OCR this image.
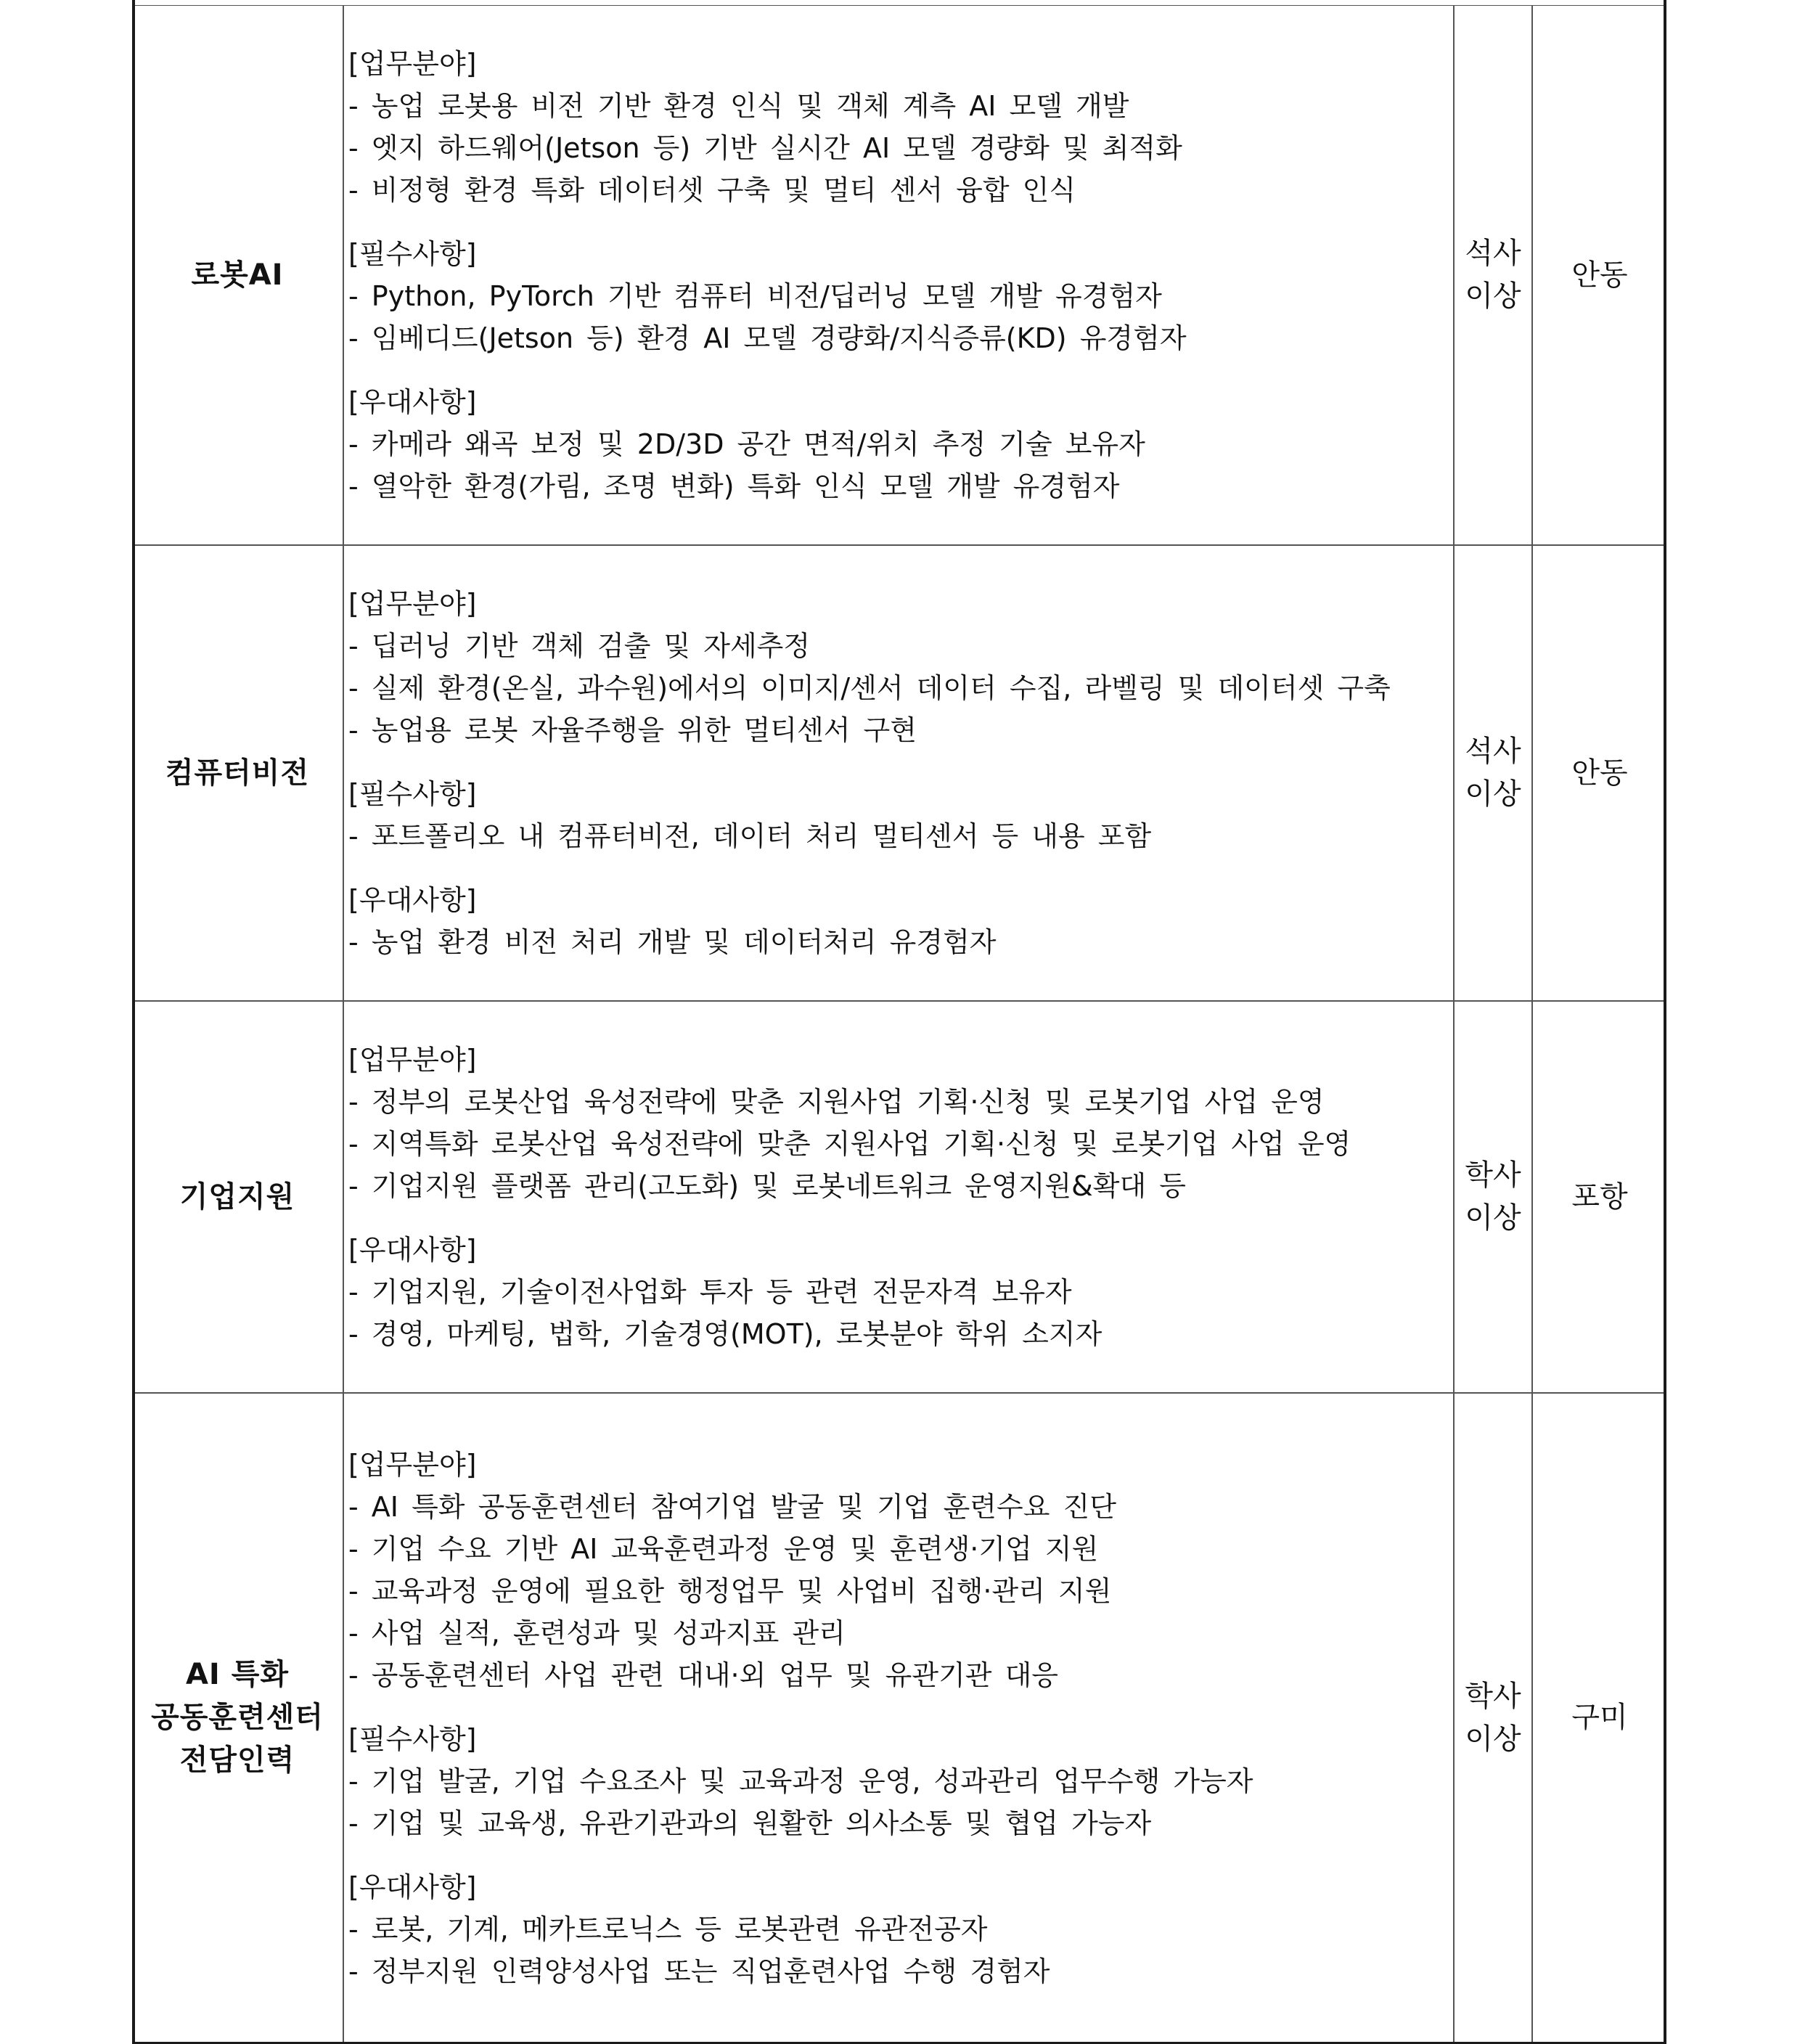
로봇AI
[업무분야]
- 농업 로봇용 비전 기반 환경 인식 및 객체 계측 AI 모델 개발
- 엣지 하드웨어(Jetson 등) 기반 실시간 AI 모델 경량화 및 최적화
- 비정형 환경 특화 데이터셋 구축 및 멀티 센서 융합 인식
[필수사항]
- Python, PyTorch 기반 컴퓨터 비전/딥러닝 모델 개발 유경험자
- 임베디드(Jetson 등) 환경 AI 모델 경량화/지식증류(KD) 유경험자
[우대사항]
- 카메라 왜곡 보정 및 2D/3D 공간 면적/위치 추정 기술 보유자
- 열악한 환경(가림, 조명 변화) 특화 인식 모델 개발 유경험자
석사
이상
안동
컴퓨터비전
[업무분야]
- 딥러닝 기반 객체 검출 및 자세추정
- 실제 환경(온실, 과수원)에서의 이미지/센서 데이터 수집, 라벨링 및 데이터셋 구축
- 농업용 로봇 자율주행을 위한 멀티센서 구현
[필수사항]
- 포트폴리오 내 컴퓨터비전, 데이터 처리 멀티센서 등 내용 포함
[우대사항]
- 농업 환경 비전 처리 개발 및 데이터처리 유경험자
석사
이상
안동
기업지원
[업무분야]
- 정부의 로봇산업 육성전략에 맞춘 지원사업 기획·신청 및 로봇기업 사업 운영
- 지역특화 로봇산업 육성전략에 맞춘 지원사업 기획·신청 및 로봇기업 사업 운영
- 기업지원 플랫폼 관리(고도화) 및 로봇네트워크 운영지원&확대 등
[우대사항]
- 기업지원, 기술이전사업화 투자 등 관련 전문자격 보유자
- 경영, 마케팅, 법학, 기술경영(MOT), 로봇분야 학위 소지자
학사
이상
포항
AI 특화
공동훈련센터
전담인력
[업무분야]
- AI 특화 공동훈련센터 참여기업 발굴 및 기업 훈련수요 진단
- 기업 수요 기반 AI 교육훈련과정 운영 및 훈련생·기업 지원
- 교육과정 운영에 필요한 행정업무 및 사업비 집행·관리 지원
- 사업 실적, 훈련성과 및 성과지표 관리
- 공동훈련센터 사업 관련 대내·외 업무 및 유관기관 대응
[필수사항]
- 기업 발굴, 기업 수요조사 및 교육과정 운영, 성과관리 업무수행 가능자
- 기업 및 교육생, 유관기관과의 원활한 의사소통 및 협업 가능자
[우대사항]
- 로봇, 기계, 메카트로닉스 등 로봇관련 유관전공자
- 정부지원 인력양성사업 또는 직업훈련사업 수행 경험자
학사
이상
구미
